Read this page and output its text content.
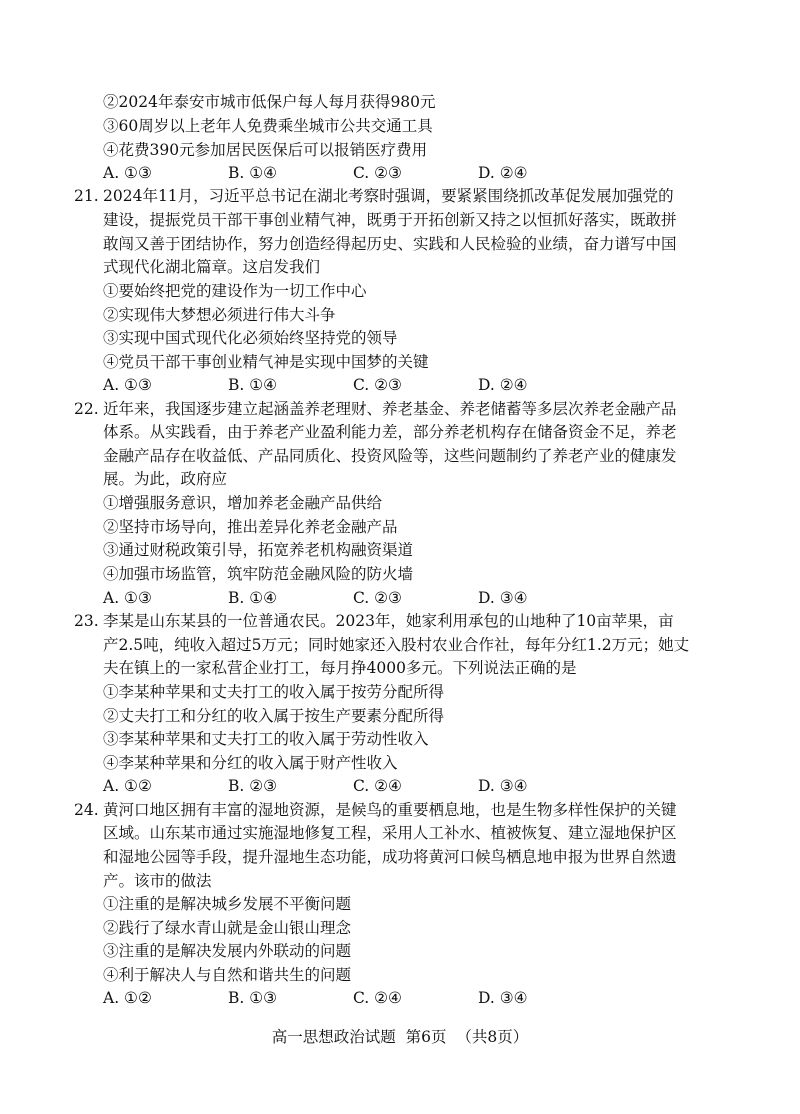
②2024年泰安市城市低保户每人每月获得980元
③60周岁以上老年人免费乘坐城市公共交通工具
④花费390元参加居民医保后可以报销医疗费用
A. ①③	B. ①④	C. ②③	D. ②④
21. 2024年11月，习近平总书记在湖北考察时强调，要紧紧围绕抓改革促发展加强党的
建设，提振党员干部干事创业精气神，既勇于开拓创新又持之以恒抓好落实，既敢拼
敢闯又善于团结协作，努力创造经得起历史、实践和人民检验的业绩，奋力谱写中国
式现代化湖北篇章。这启发我们
①要始终把党的建设作为一切工作中心
②实现伟大梦想必须进行伟大斗争
③实现中国式现代化必须始终坚持党的领导
④党员干部干事创业精气神是实现中国梦的关键
A. ①③	B. ①④	C. ②③	D. ②④
22. 近年来，我国逐步建立起涵盖养老理财、养老基金、养老储蓄等多层次养老金融产品
体系。从实践看，由于养老产业盈利能力差，部分养老机构存在储备资金不足，养老
金融产品存在收益低、产品同质化、投资风险等，这些问题制约了养老产业的健康发
展。为此，政府应
①增强服务意识，增加养老金融产品供给
②坚持市场导向，推出差异化养老金融产品
③通过财税政策引导，拓宽养老机构融资渠道
④加强市场监管，筑牢防范金融风险的防火墙
A. ①③	B. ①④	C. ②③	D. ③④
23. 李某是山东某县的一位普通农民。2023年，她家利用承包的山地种了10亩苹果，亩
产2.5吨，纯收入超过5万元；同时她家还入股村农业合作社，每年分红1.2万元；她丈
夫在镇上的一家私营企业打工，每月挣4000多元。下列说法正确的是
①李某种苹果和丈夫打工的收入属于按劳分配所得
②丈夫打工和分红的收入属于按生产要素分配所得
③李某种苹果和丈夫打工的收入属于劳动性收入
④李某种苹果和分红的收入属于财产性收入
A. ①②	B. ②③	C. ②④	D. ③④
24. 黄河口地区拥有丰富的湿地资源，是候鸟的重要栖息地，也是生物多样性保护的关键
区域。山东某市通过实施湿地修复工程，采用人工补水、植被恢复、建立湿地保护区
和湿地公园等手段，提升湿地生态功能，成功将黄河口候鸟栖息地申报为世界自然遗
产。该市的做法
①注重的是解决城乡发展不平衡问题
②践行了绿水青山就是金山银山理念
③注重的是解决发展内外联动的问题
④利于解决人与自然和谐共生的问题
A. ①②	B. ①③	C. ②④	D. ③④
高一思想政治试题  第6页  （共8页）
